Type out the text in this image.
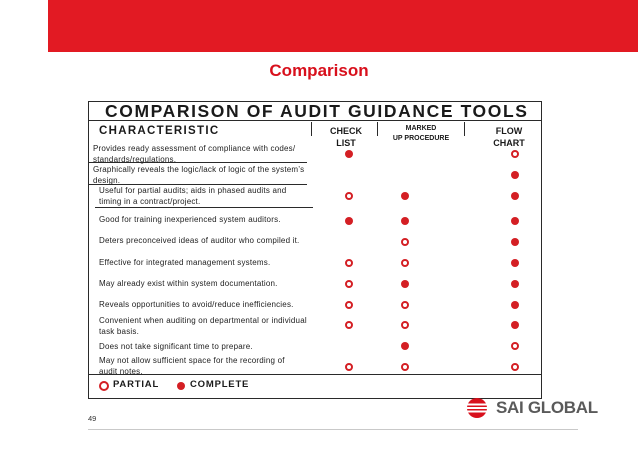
Comparison
COMPARISON OF AUDIT GUIDANCE TOOLS
CHARACTERISTIC	CHECK
LIST
MARKED
UP PROCEDURE
FLOW
CHART
Provides ready assessment of compliance with codes/
standards/regulations.
Graphically reveals the logic/lack of logic of the system’s
design.
Useful for partial audits; aids in phased audits and
timing in a contract/project.
Good for training inexperienced system auditors.
Deters preconceived ideas of auditor who compiled it.
Effective for integrated management systems.
May already exist within system documentation.
Reveals opportunities to avoid/reduce inefficiencies.
Convenient when auditing on departmental or individual
task basis.
Does not take significant time to prepare.
May not allow sufficient space for the recording of
audit notes.
PARTIAL	COMPLETE
49
SAI GLOBAL
